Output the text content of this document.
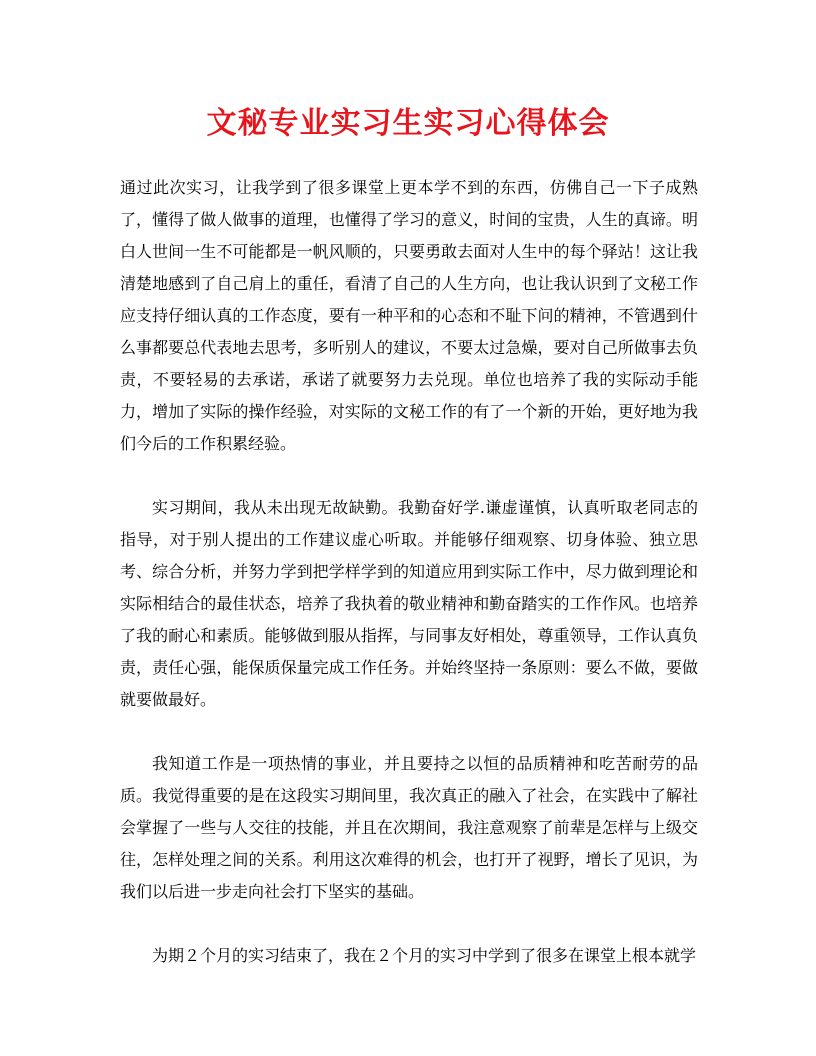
文秘专业实习生实习心得体会

通过此次实习，让我学到了很多课堂上更本学不到的东西，仿佛自己一下子成熟了，懂得了做人做事的道理，也懂得了学习的意义，时间的宝贵，人生的真谛。明白人世间一生不可能都是一帆风顺的，只要勇敢去面对人生中的每个驿站！这让我清楚地感到了自己肩上的重任，看清了自己的人生方向，也让我认识到了文秘工作应支持仔细认真的工作态度，要有一种平和的心态和不耻下问的精神，不管遇到什么事都要总代表地去思考，多听别人的建议，不要太过急燥，要对自己所做事去负责，不要轻易的去承诺，承诺了就要努力去兑现。单位也培养了我的实际动手能力，增加了实际的操作经验，对实际的文秘工作的有了一个新的开始，更好地为我们今后的工作积累经验。

实习期间，我从未出现无故缺勤。我勤奋好学.谦虚谨慎，认真听取老同志的指导，对于别人提出的工作建议虚心听取。并能够仔细观察、切身体验、独立思考、综合分析，并努力学到把学样学到的知道应用到实际工作中，尽力做到理论和实际相结合的最佳状态，培养了我执着的敬业精神和勤奋踏实的工作作风。也培养了我的耐心和素质。能够做到服从指挥，与同事友好相处，尊重领导，工作认真负责，责任心强，能保质保量完成工作任务。并始终坚持一条原则：要么不做，要做就要做最好。

我知道工作是一项热情的事业，并且要持之以恒的品质精神和吃苦耐劳的品质。我觉得重要的是在这段实习期间里，我次真正的融入了社会，在实践中了解社会掌握了一些与人交往的技能，并且在次期间，我注意观察了前辈是怎样与上级交往，怎样处理之间的关系。利用这次难得的机会，也打开了视野，增长了见识，为我们以后进一步走向社会打下坚实的基础。

为期２个月的实习结束了，我在２个月的实习中学到了很多在课堂上根本就学
